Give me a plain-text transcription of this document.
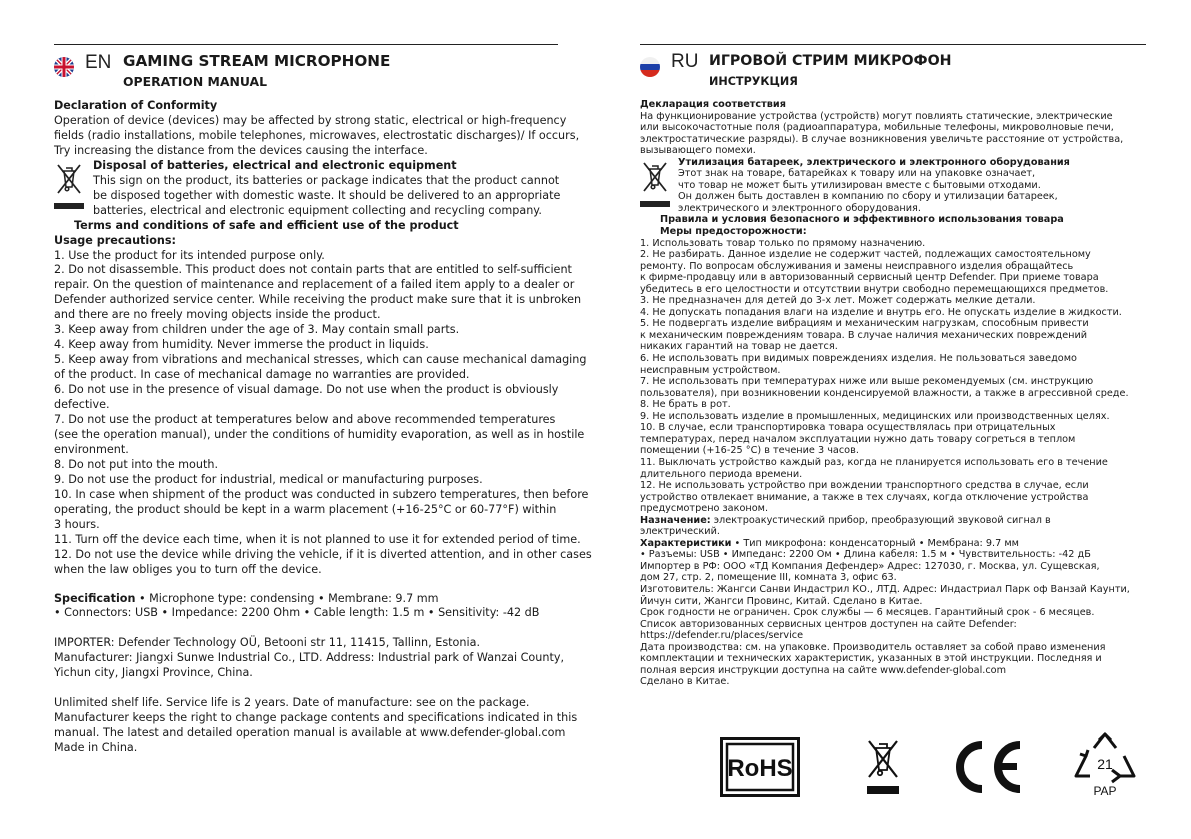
EN GAMING STREAM MICROPHONE
OPERATION MANUAL
Declaration of Conformity
Operation of device (devices) may be affected by strong static, electrical or high-frequency
fields (radio installations, mobile telephones, microwaves, electrostatic discharges)/ If occurs,
Try increasing the distance from the devices causing the interface.
Disposal of batteries, electrical and electronic equipment
This sign on the product, its batteries or package indicates that the product cannot
be disposed together with domestic waste. It should be delivered to an appropriate
batteries, electrical and electronic equipment collecting and recycling company.
Terms and conditions of safe and efficient use of the product
Usage precautions:
1. Use the product for its intended purpose only.
2. Do not disassemble. This product does not contain parts that are entitled to self-sufficient
repair. On the question of maintenance and replacement of a failed item apply to a dealer or
Defender authorized service center. While receiving the product make sure that it is unbroken
and there are no freely moving objects inside the product.
3. Keep away from children under the age of 3. May contain small parts.
4. Keep away from humidity. Never immerse the product in liquids.
5. Keep away from vibrations and mechanical stresses, which can cause mechanical damaging
of the product. In case of mechanical damage no warranties are provided.
6. Do not use in the presence of visual damage. Do not use when the product is obviously
defective.
7. Do not use the product at temperatures below and above recommended temperatures
(see the operation manual), under the conditions of humidity evaporation, as well as in hostile
environment.
8. Do not put into the mouth.
9. Do not use the product for industrial, medical or manufacturing purposes.
10. In case when shipment of the product was conducted in subzero temperatures, then before
operating, the product should be kept in a warm placement (+16-25°C or 60-77°F) within
3 hours.
11. Turn off the device each time, when it is not planned to use it for extended period of time.
12. Do not use the device while driving the vehicle, if it is diverted attention, and in other cases
when the law obliges you to turn off the device.
Specification • Microphone type: condensing • Membrane: 9.7 mm
• Connectors: USB • Impedance: 2200 Ohm • Cable length: 1.5 m • Sensitivity: -42 dB
IMPORTER: Defender Technology OÜ, Betooni str 11, 11415, Tallinn, Estonia.
Manufacturer: Jiangxi Sunwe Industrial Co., LTD. Address: Industrial park of Wanzai County,
Yichun city, Jiangxi Province, China.
Unlimited shelf life. Service life is 2 years. Date of manufacture: see on the package.
Manufacturer keeps the right to change package contents and specifications indicated in this
manual. The latest and detailed operation manual is available at www.defender-global.com
Made in China.
RU ИГРОВОЙ СТРИМ МИКРОФОН
ИНСТРУКЦИЯ
Декларация соответствия
На функционирование устройства (устройств) могут повлиять статические, электрические
или высокочастотные поля (радиоаппаратура, мобильные телефоны, микроволновые печи,
электростатические разряды). В случае возникновения увеличьте расстояние от устройства,
вызывающего помехи.
Утилизация батареек, электрического и электронного оборудования
Этот знак на товаре, батарейках к товару или на упаковке означает,
что товар не может быть утилизирован вместе с бытовыми отходами.
Он должен быть доставлен в компанию по сбору и утилизации батареек,
электрического и электронного оборудования.
Правила и условия безопасного и эффективного использования товара
Меры предосторожности:
1. Использовать товар только по прямому назначению.
2. Не разбирать. Данное изделие не содержит частей, подлежащих самостоятельному
ремонту. По вопросам обслуживания и замены неисправного изделия обращайтесь
к фирме-продавцу или в авторизованный сервисный центр Defender. При приеме товара
убедитесь в его целостности и отсутствии внутри свободно перемещающихся предметов.
3. Не предназначен для детей до 3-х лет. Может содержать мелкие детали.
4. Не допускать попадания влаги на изделие и внутрь его. Не опускать изделие в жидкости.
5. Не подвергать изделие вибрациям и механическим нагрузкам, способным привести
к механическим повреждениям товара. В случае наличия механических повреждений
никаких гарантий на товар не дается.
6. Не использовать при видимых повреждениях изделия. Не пользоваться заведомо
неисправным устройством.
7. Не использовать при температурах ниже или выше рекомендуемых (см. инструкцию
пользователя), при возникновении конденсируемой влажности, а также в агрессивной среде.
8. Не брать в рот.
9. Не использовать изделие в промышленных, медицинских или производственных целях.
10. В случае, если транспортировка товара осуществлялась при отрицательных
температурах, перед началом эксплуатации нужно дать товару согреться в теплом
помещении (+16-25 °С) в течение 3 часов.
11. Выключать устройство каждый раз, когда не планируется использовать его в течение
длительного периода времени.
12. Не использовать устройство при вождении транспортного средства в случае, если
устройство отвлекает внимание, а также в тех случаях, когда отключение устройства
предусмотрено законом.
Назначение: электроакустический прибор, преобразующий звуковой сигнал в
электрический.
Характеристики • Тип микрофона: конденсаторный • Мембрана: 9.7 мм
• Разъемы: USB • Импеданс: 2200 Ом • Длина кабеля: 1.5 м • Чувствительность: -42 дБ
Импортер в РФ: ООО «ТД Компания Дефендер» Адрес: 127030, г. Москва, ул. Сущевская,
дом 27, стр. 2, помещение III, комната 3, офис 63.
Изготовитель: Жангси Санви Индастрил КО., ЛТД. Адрес: Индастриал Парк оф Ванзай Каунти,
Йичун сити, Жангси Провинс, Китай. Сделано в Китае.
Срок годности не ограничен. Срок службы — 6 месяцев. Гарантийный срок - 6 месяцев.
Список авторизованных сервисных центров доступен на сайте Defender:
https://defender.ru/places/service
Дата производства: см. на упаковке. Производитель оставляет за собой право изменения
комплектации и технических характеристик, указанных в этой инструкции. Последняя и
полная версия инструкции доступна на сайте www.defender-global.com
Сделано в Китае.
RoHS	21
PAP
